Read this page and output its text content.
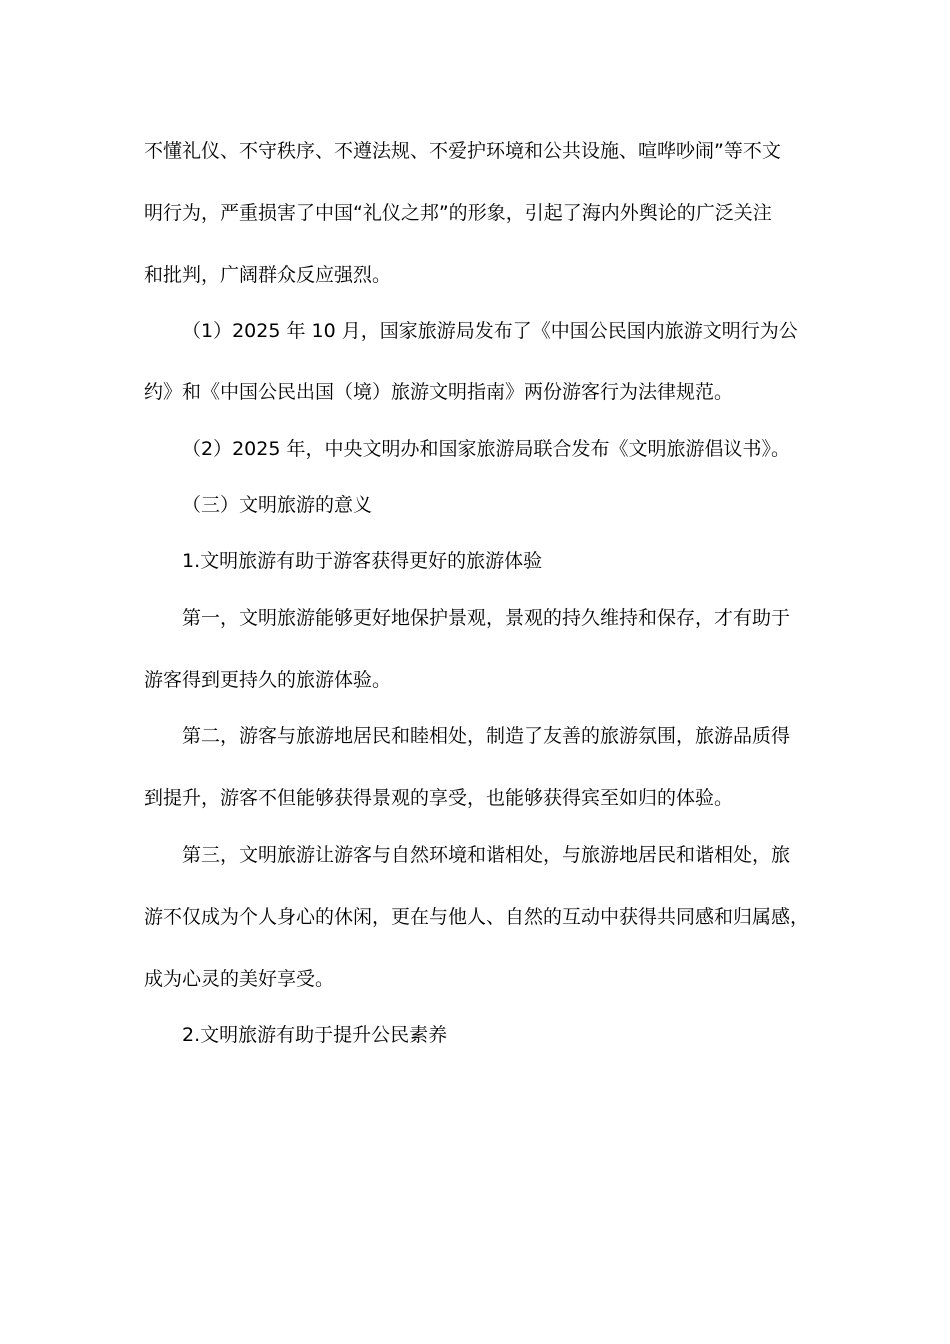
不懂礼仪、不守秩序、不遵法规、不爱护环境和公共设施、喧哗吵闹”等不文
明行为，严重损害了中国“礼仪之邦”的形象，引起了海内外舆论的广泛关注
和批判，广阔群众反应强烈。
（1）2025 年 10 月，国家旅游局发布了《中国公民国内旅游文明行为公
约》和《中国公民出国（境）旅游文明指南》两份游客行为法律规范。
（2）2025 年，中央文明办和国家旅游局联合发布《文明旅游倡议书》。
（三）文明旅游的意义
1.文明旅游有助于游客获得更好的旅游体验
第一，文明旅游能够更好地保护景观，景观的持久维持和保存，才有助于
游客得到更持久的旅游体验。
第二，游客与旅游地居民和睦相处，制造了友善的旅游氛围，旅游品质得
到提升，游客不但能够获得景观的享受，也能够获得宾至如归的体验。
第三，文明旅游让游客与自然环境和谐相处，与旅游地居民和谐相处，旅
游不仅成为个人身心的休闲，更在与他人、自然的互动中获得共同感和归属感，
成为心灵的美好享受。
2.文明旅游有助于提升公民素养
